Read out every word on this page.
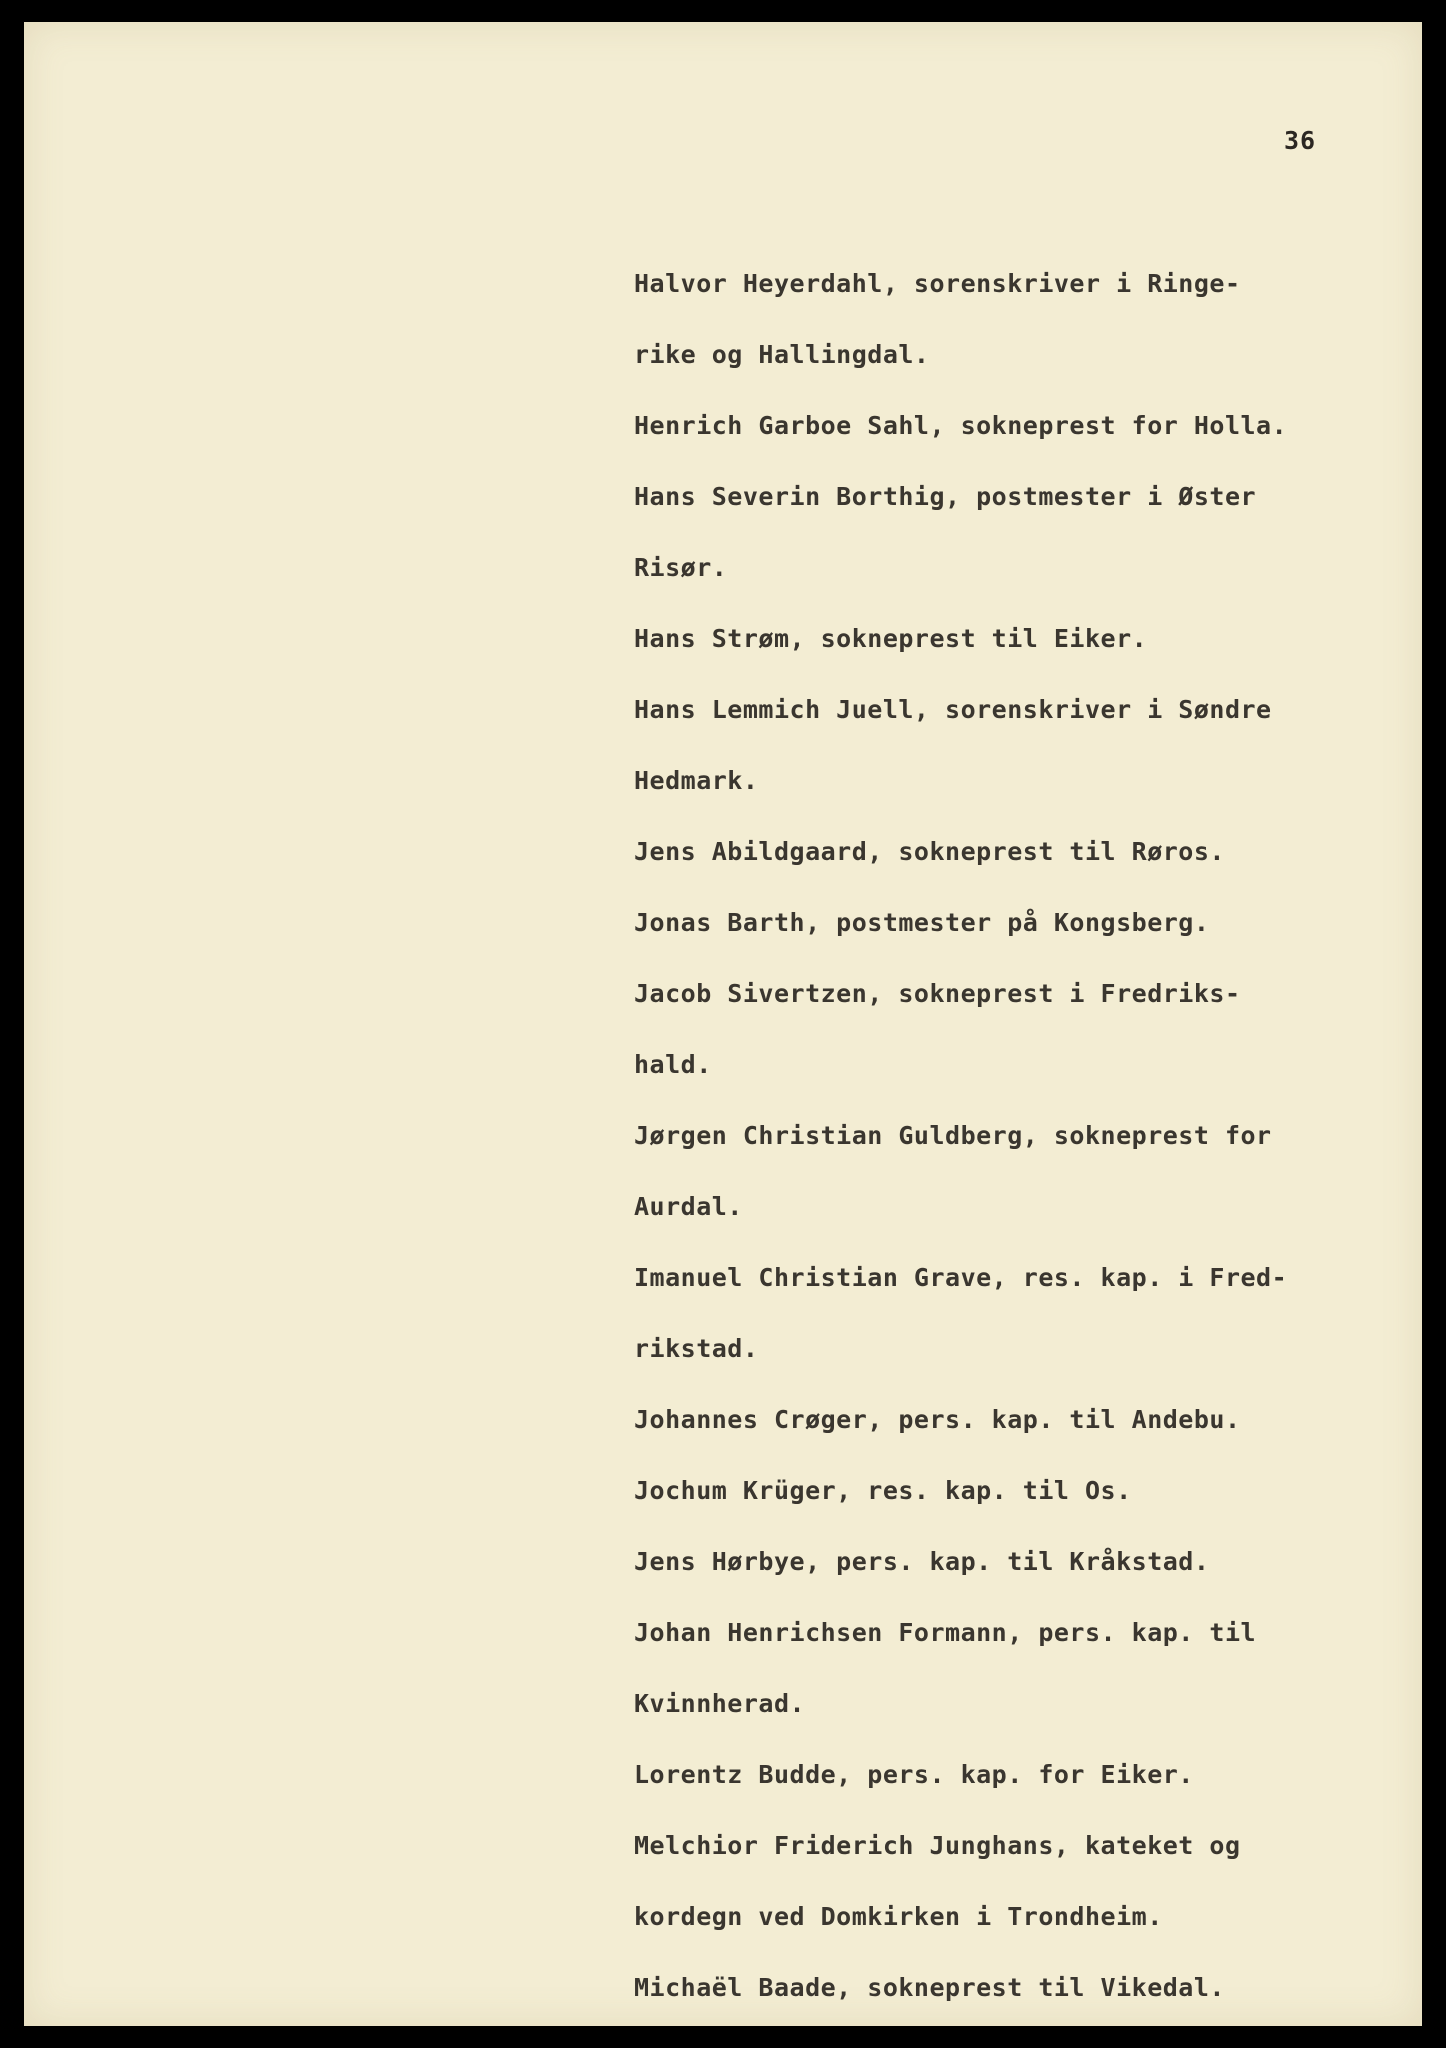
36
Halvor Heyerdahl, sorenskriver i Ringe-
rike og Hallingdal.
Henrich Garboe Sahl, sokneprest for Holla.
Hans Severin Borthig, postmester i Øster
Risør.
Hans Strøm, sokneprest til Eiker.
Hans Lemmich Juell, sorenskriver i Søndre
Hedmark.
Jens Abildgaard, sokneprest til Røros.
Jonas Barth, postmester på Kongsberg.
Jacob Sivertzen, sokneprest i Fredriks-
hald.
Jørgen Christian Guldberg, sokneprest for
Aurdal.
Imanuel Christian Grave, res. kap. i Fred-
rikstad.
Johannes Crøger, pers. kap. til Andebu.
Jochum Krüger, res. kap. til Os.
Jens Hørbye, pers. kap. til Kråkstad.
Johan Henrichsen Formann, pers. kap. til
Kvinnherad.
Lorentz Budde, pers. kap. for Eiker.
Melchior Friderich Junghans, kateket og
kordegn ved Domkirken i Trondheim.
Michaël Baade, sokneprest til Vikedal.
